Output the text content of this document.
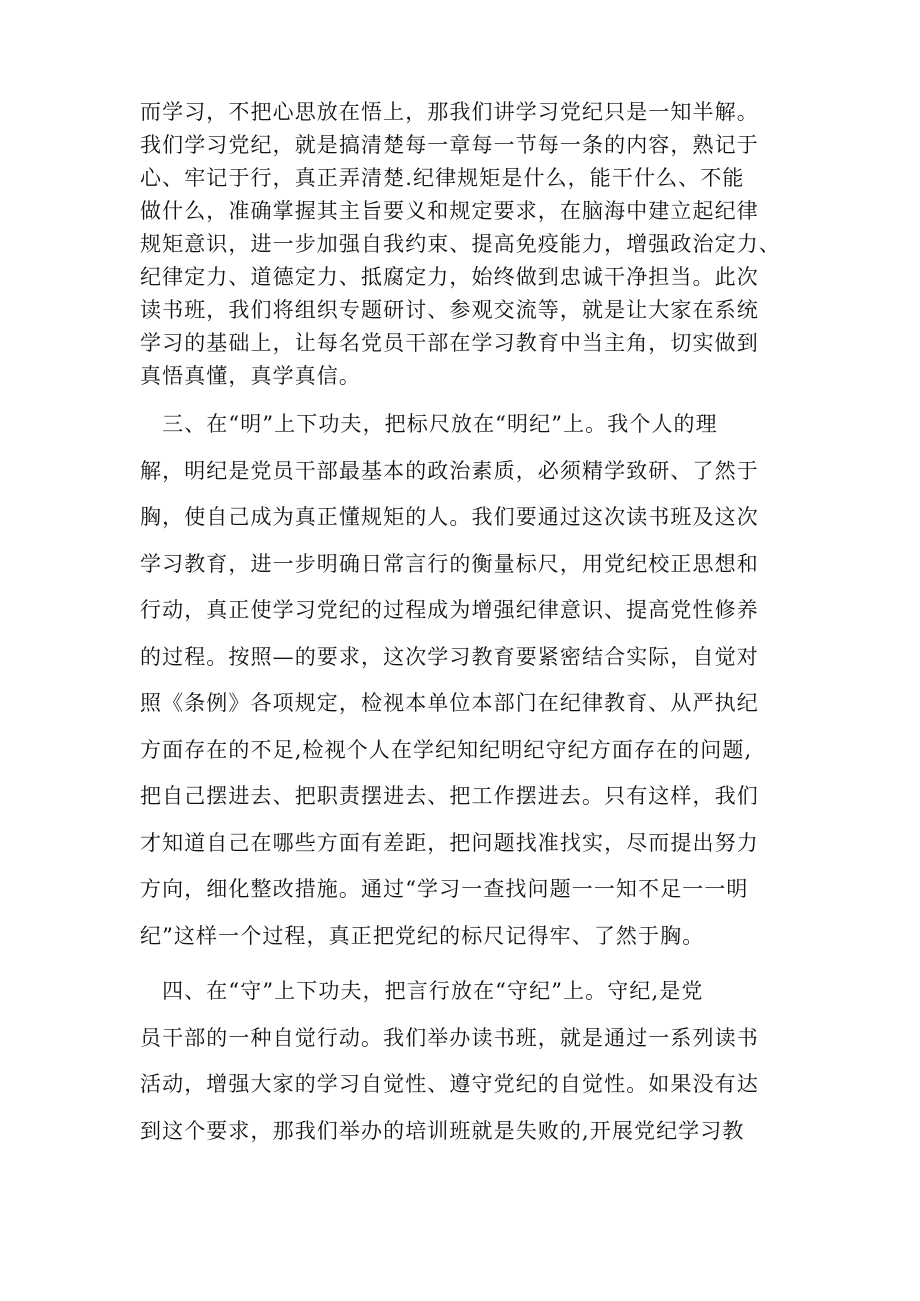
而学习，不把心思放在悟上，那我们讲学习党纪只是一知半解。
我们学习党纪，就是搞清楚每一章每一节每一条的内容，熟记于
心、牢记于行，真正弄清楚.纪律规矩是什么，能干什么、不能
做什么，准确掌握其主旨要义和规定要求，在脑海中建立起纪律
规矩意识，进一步加强自我约束、提高免疫能力，增强政治定力、
纪律定力、道德定力、抵腐定力，始终做到忠诚干净担当。此次
读书班，我们将组织专题研讨、参观交流等，就是让大家在系统
学习的基础上，让每名党员干部在学习教育中当主角，切实做到
真悟真懂，真学真信。
　三、在“明”上下功夫，把标尺放在“明纪”上。我个人的理
解，明纪是党员干部最基本的政治素质，必须精学致研、了然于
胸，使自己成为真正懂规矩的人。我们要通过这次读书班及这次
学习教育，进一步明确日常言行的衡量标尺，用党纪校正思想和
行动，真正使学习党纪的过程成为增强纪律意识、提高党性修养
的过程。按照—的要求，这次学习教育要紧密结合实际，自觉对
照《条例》各项规定，检视本单位本部门在纪律教育、从严执纪
方面存在的不足,检视个人在学纪知纪明纪守纪方面存在的问题,
把自己摆进去、把职责摆进去、把工作摆进去。只有这样，我们
才知道自己在哪些方面有差距，把问题找准找实，尽而提出努力
方向，细化整改措施。通过“学习一查找问题一一知不足一一明
纪”这样一个过程，真正把党纪的标尺记得牢、了然于胸。
　四、在“守”上下功夫，把言行放在“守纪”上。守纪,是党
员干部的一种自觉行动。我们举办读书班，就是通过一系列读书
活动，增强大家的学习自觉性、遵守党纪的自觉性。如果没有达
到这个要求，那我们举办的培训班就是失败的,开展党纪学习教
